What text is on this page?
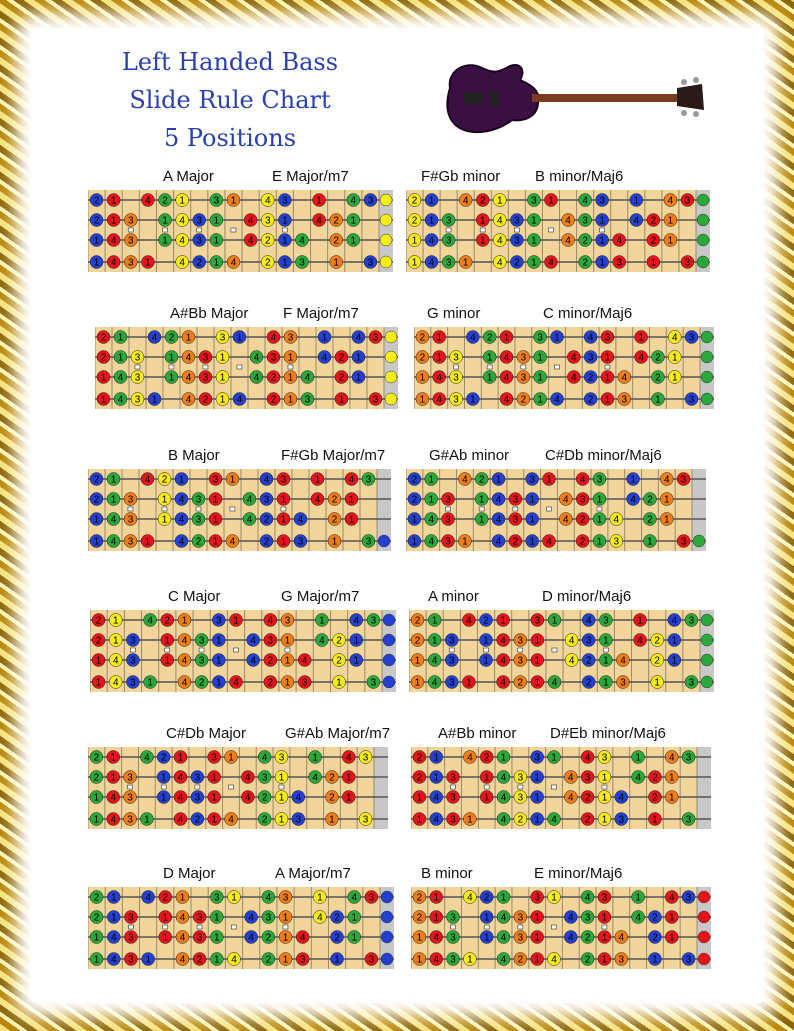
Left Handed Bass
Slide Rule Chart
5 Positions
A Major	E Major/m7	F#Gb minor B minor/Maj6
2 1	4 2 1	3 1	4 3	1	4 3
2 1 3	1 4 3 1	4 3 1	4 2 1
1 4 3	1 4 3 1	4 2 1 4	2 1
1 4 3 1	4 2 1 4	2 1 3	1	3
2 1	4 2 1	3 1	4 3	1	4 3
2 1 3	1 4 3 1	4 3 1	4 2 1
1 4 3	1 4 3 1	4 2 1 4	2 1
1 4 3 1	4 2 1 4	2 1 3	1	3
A#Bb Major F Major/m7	G minor	C minor/Maj6
2 1	4 2 1	3 1	4 3	1	4 3
2 1 3	1 4 3 1	4 3 1	4 2 1
1 4 3	1 4 3 1	4 2 1 4	2 1
1 4 3 1	4 2 1 4	2 1 3	1	3
2 1	4 2 1	3 1	4 3	1	4 3
2 1 3	1 4 3 1	4 3 1	4 2 1
1 4 3	1 4 3 1	4 2 1 4	2 1
1 4 3 1	4 2 1 4	2 1 3	1	3
B Major	F#Gb Major/m7	G#Ab minor C#Db minor/Maj6
2 1	4 2 1	3 1	4 3	1	4 3
2 1 3	1 4 3 1	4 3 1	4 2 1
1 4 3	1 4 3 1	4 2 1 4	2 1
1 4 3 1	4 2 1 4	2 1 3	1	3
2 1	4 2 1	3 1	4 3	1	4 3
2 1 3	1 4 3 1	4 3 1	4 2 1
1 4 3	1 4 3 1	4 2 1 4	2 1
1 4 3 1	4 2 1 4	2 1 3	1	3
C Major	G Major/m7	A minor	D minor/Maj6
2 1	4 2 1	3 1	4 3	1	4 3
2 1 3	1 4 3 1	4 3 1	4 2 1
1 4 3	1 4 3 1	4 2 1 4	2 1
1 4 3 1	4 2 1 4	2 1 3	1	3
2 1	4 2 1	3 1	4 3	1	4 3
2 1 3	1 4 3 1	4 3 1	4 2 1
1 4 3	1 4 3 1	4 2 1 4	2 1
1 4 3 1	4 2 1 4	2 1 3	1	3
C#Db Major	G#Ab Major/m7	A#Bb minor D#Eb minor/Maj6
2 1	4 2 1	3 1	4 3	1	4 3
2 1 3	1 4 3 1	4 3 1	4 2 1
1 4 3	1 4 3 1	4 2 1 4	2 1
1 4 3 1	4 2 1 4	2 1 3	1	3
2 1	4 2 1	3 1	4 3	1	4 3
2 1 3	1 4 3 1	4 3 1	4 2 1
1 4 3	1 4 3 1	4 2 1 4	2 1
1 4 3 1	4 2 1 4	2 1 3	1	3
D Major	A Major/m7	B minor	E minor/Maj6
2 1	4 2 1	3 1	4 3	1	4 3
2 1 3	1 4 3 1	4 3 1	4 2 1
1 4 3	1 4 3 1	4 2 1 4	2 1
1 4 3 1	4 2 1 4	2 1 3	1	3
2 1	4 2 1	3 1	4 3	1	4 3
2 1 3	1 4 3 1	4 3 1	4 2 1
1 4 3	1 4 3 1	4 2 1 4	2 1
1 4 3 1	4 2 1 4	2 1 3	1	3
